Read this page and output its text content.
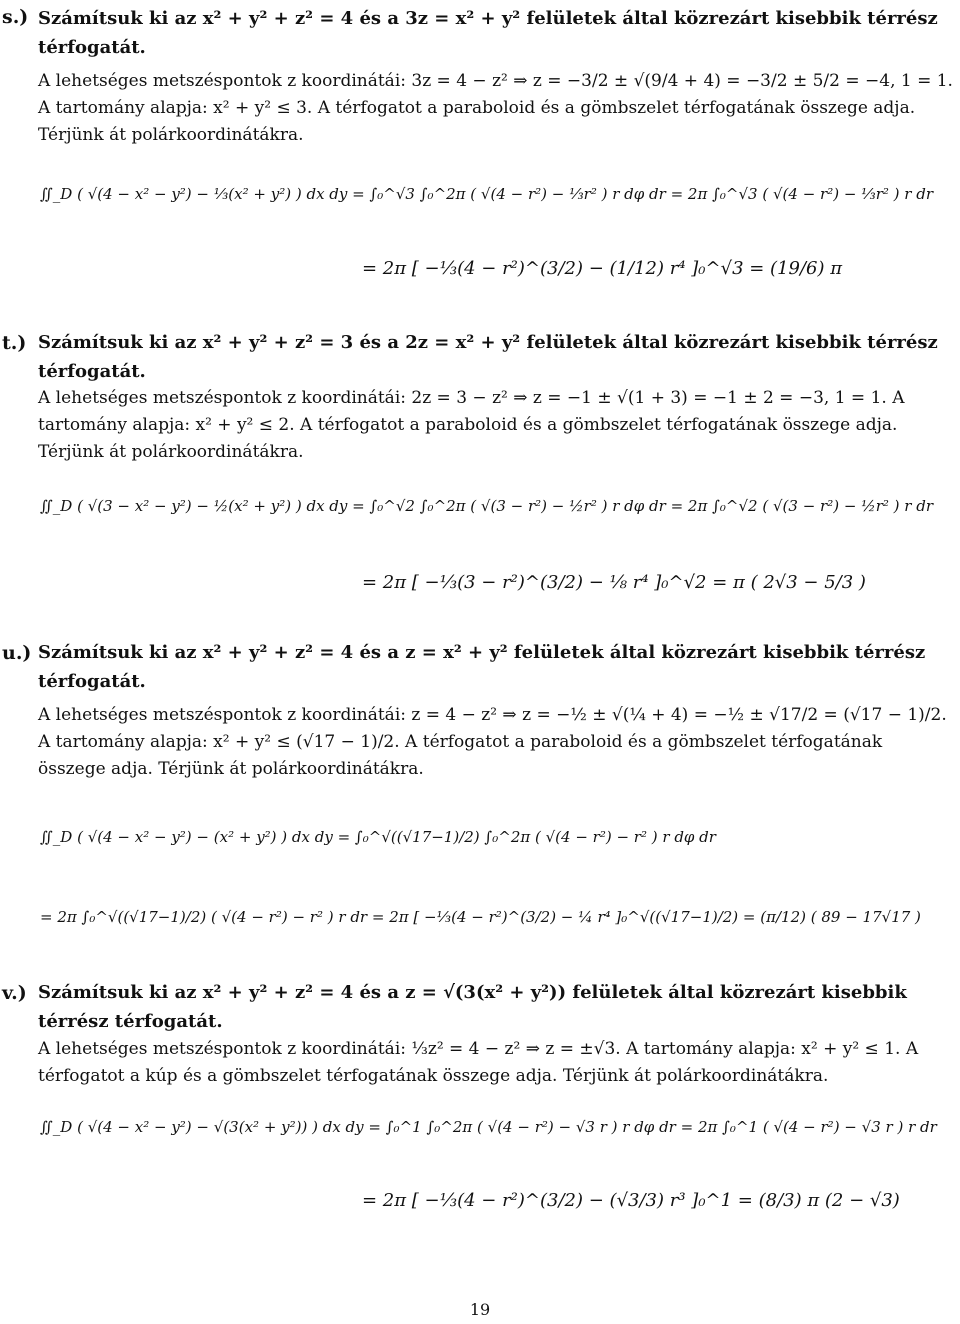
s.) Számítsuk ki az x² + y² + z² = 4 és a 3z = x² + y² felületek által közrezárt kisebbik térrész térfogatát.
A lehetséges metszéspontok z koordinátái: 3z = 4 − z² ⇒ z = −3/2 ± √(9/4 + 4) = −3/2 ± 5/2 = −4, 1 = 1. A tartomány alapja: x² + y² ≤ 3. A térfogatot a paraboloid és a gömbszelet térfogatának összege adja. Térjünk át polárkoordinátákra.
∬_D ( √(4 − x² − y²) − ⅓(x² + y²) ) dx dy = ∫₀^√3 ∫₀^2π ( √(4 − r²) − ⅓r² ) r dφ dr = 2π ∫₀^√3 ( √(4 − r²) − ⅓r² ) r dr
= 2π [ −⅓(4 − r²)^(3/2) − (1/12) r⁴ ]₀^√3 = (19/6) π
t.) Számítsuk ki az x² + y² + z² = 3 és a 2z = x² + y² felületek által közrezárt kisebbik térrész térfogatát.
A lehetséges metszéspontok z koordinátái: 2z = 3 − z² ⇒ z = −1 ± √(1 + 3) = −1 ± 2 = −3, 1 = 1. A tartomány alapja: x² + y² ≤ 2. A térfogatot a paraboloid és a gömbszelet térfogatának összege adja. Térjünk át polárkoordinátákra.
∬_D ( √(3 − x² − y²) − ½(x² + y²) ) dx dy = ∫₀^√2 ∫₀^2π ( √(3 − r²) − ½r² ) r dφ dr = 2π ∫₀^√2 ( √(3 − r²) − ½r² ) r dr
= 2π [ −⅓(3 − r²)^(3/2) − ⅛ r⁴ ]₀^√2 = π ( 2√3 − 5/3 )
u.) Számítsuk ki az x² + y² + z² = 4 és a z = x² + y² felületek által közrezárt kisebbik térrész térfogatát.
A lehetséges metszéspontok z koordinátái: z = 4 − z² ⇒ z = −½ ± √(¼ + 4) = −½ ± √17/2 = (√17 − 1)/2. A tartomány alapja: x² + y² ≤ (√17 − 1)/2. A térfogatot a paraboloid és a gömbszelet térfogatának összege adja. Térjünk át polárkoordinátákra.
∬_D ( √(4 − x² − y²) − (x² + y²) ) dx dy = ∫₀^√((√17−1)/2) ∫₀^2π ( √(4 − r²) − r² ) r dφ dr
= 2π ∫₀^√((√17−1)/2) ( √(4 − r²) − r² ) r dr = 2π [ −⅓(4 − r²)^(3/2) − ¼ r⁴ ]₀^√((√17−1)/2) = (π/12) ( 89 − 17√17 )
v.) Számítsuk ki az x² + y² + z² = 4 és a z = √(3(x² + y²)) felületek által közrezárt kisebbik térrész térfogatát.
A lehetséges metszéspontok z koordinátái: ⅓z² = 4 − z² ⇒ z = ±√3. A tartomány alapja: x² + y² ≤ 1. A térfogatot a kúp és a gömbszelet térfogatának összege adja. Térjünk át polárkoordinátákra.
∬_D ( √(4 − x² − y²) − √(3(x² + y²)) ) dx dy = ∫₀^1 ∫₀^2π ( √(4 − r²) − √3 r ) r dφ dr = 2π ∫₀^1 ( √(4 − r²) − √3 r ) r dr
= 2π [ −⅓(4 − r²)^(3/2) − (√3/3) r³ ]₀^1 = (8/3) π (2 − √3)
19
